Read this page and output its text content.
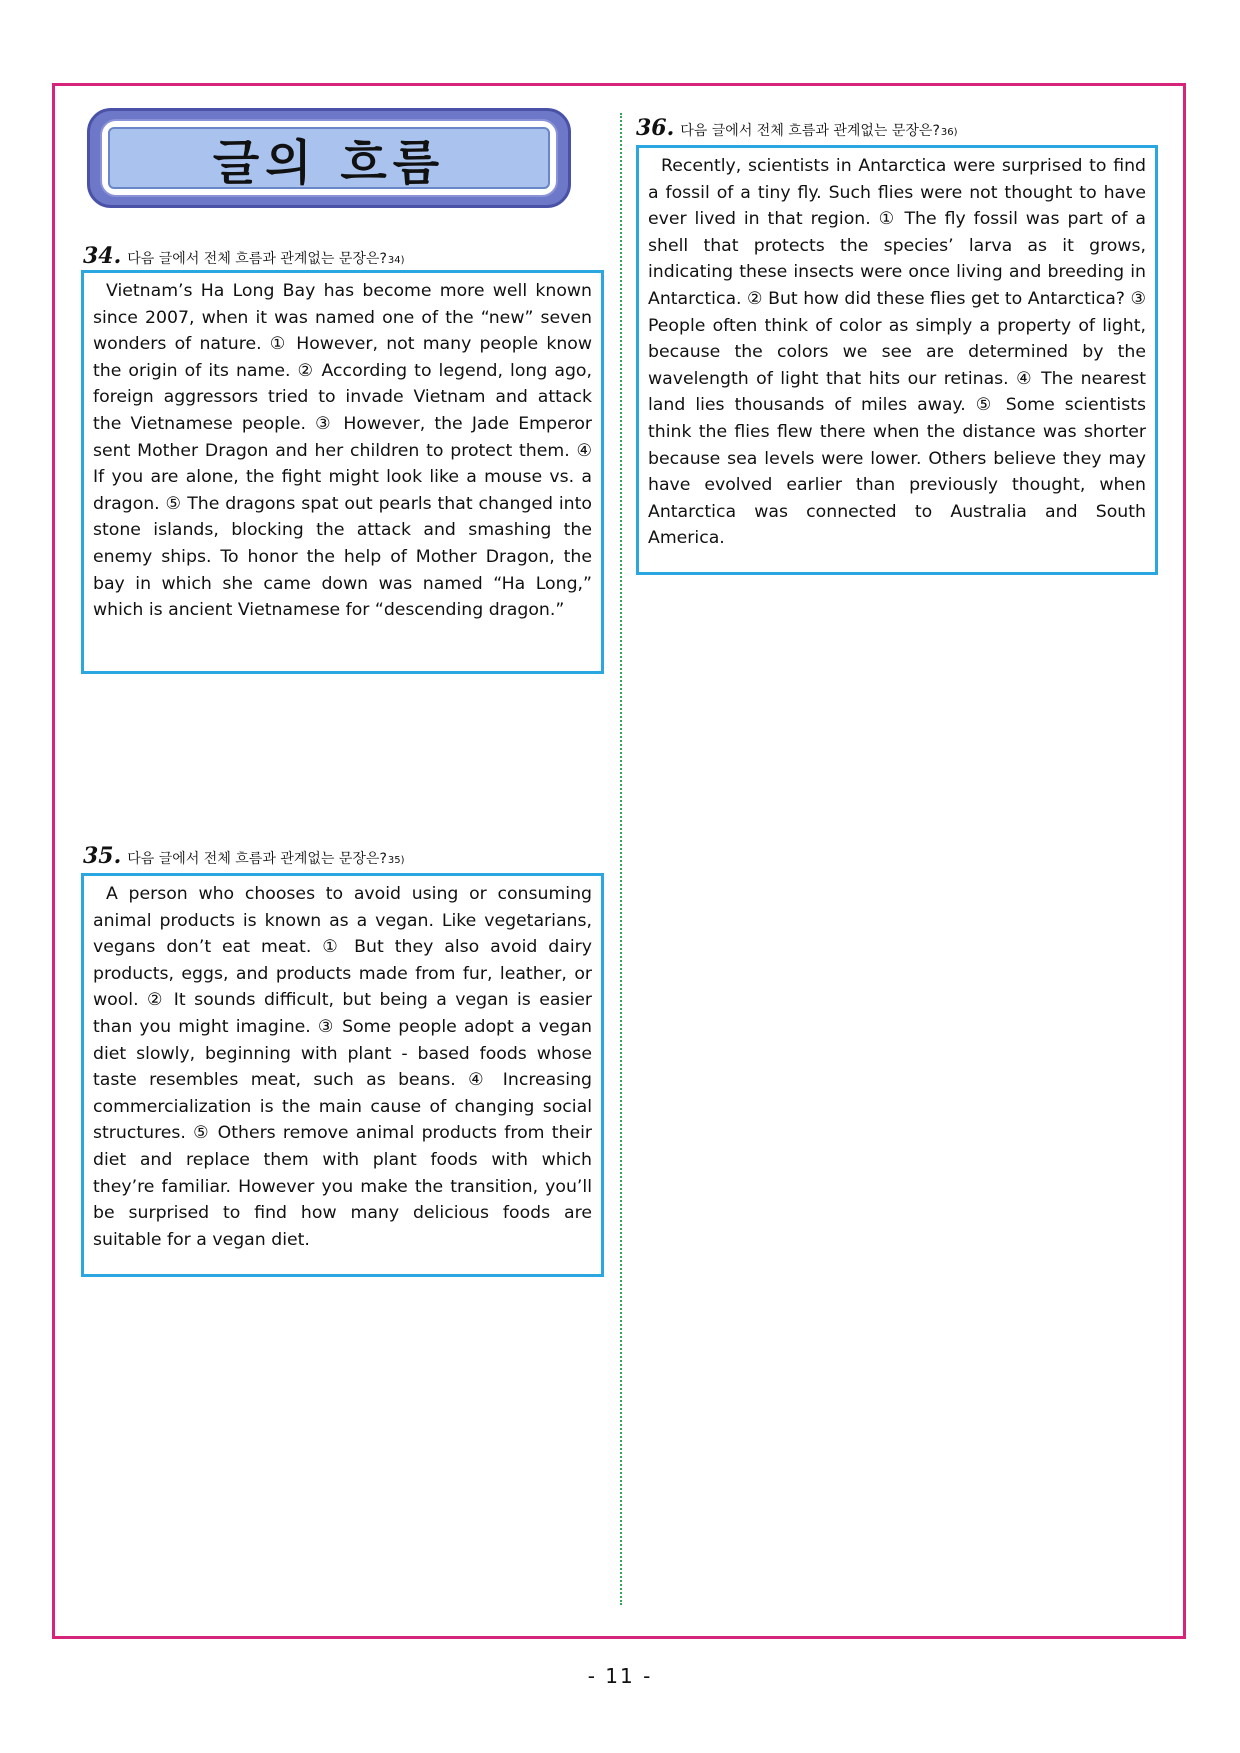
글의 흐름
34. 다음 글에서 전체 흐름과 관계없는 문장은? 34)

Vietnam’s Ha Long Bay has become more well known since 2007, when it was named one of the “new” seven wonders of nature. ① However, not many people know the origin of its name. ② According to legend, long ago, foreign aggressors tried to invade Vietnam and attack the Vietnamese people. ③ However, the Jade Emperor sent Mother Dragon and her children to protect them. ④ If you are alone, the fight might look like a mouse vs. a dragon. ⑤ The dragons spat out pearls that changed into stone islands, blocking the attack and smashing the enemy ships. To honor the help of Mother Dragon, the bay in which she came down was named “Ha Long,” which is ancient Vietnamese for “descending dragon.”

35. 다음 글에서 전체 흐름과 관계없는 문장은? 35)

A person who chooses to avoid using or consuming animal products is known as a vegan. Like vegetarians, vegans don’t eat meat. ① But they also avoid dairy products, eggs, and products made from fur, leather, or wool. ② It sounds difficult, but being a vegan is easier than you might imagine. ③ Some people adopt a vegan diet slowly, beginning with plant - based foods whose taste resembles meat, such as beans. ④ Increasing commercialization is the main cause of changing social structures. ⑤ Others remove animal products from their diet and replace them with plant foods with which they’re familiar. However you make the transition, you’ll be surprised to find how many delicious foods are suitable for a vegan diet.

36. 다음 글에서 전체 흐름과 관계없는 문장은? 36)

Recently, scientists in Antarctica were surprised to find a fossil of a tiny fly. Such flies were not thought to have ever lived in that region. ① The fly fossil was part of a shell that protects the species’ larva as it grows, indicating these insects were once living and breeding in Antarctica. ② But how did these flies get to Antarctica? ③ People often think of color as simply a property of light, because the colors we see are determined by the wavelength of light that hits our retinas. ④ The nearest land lies thousands of miles away. ⑤ Some scientists think the flies flew there when the distance was shorter because sea levels were lower. Others believe they may have evolved earlier than previously thought, when Antarctica was connected to Australia and South America.

- 11 -
